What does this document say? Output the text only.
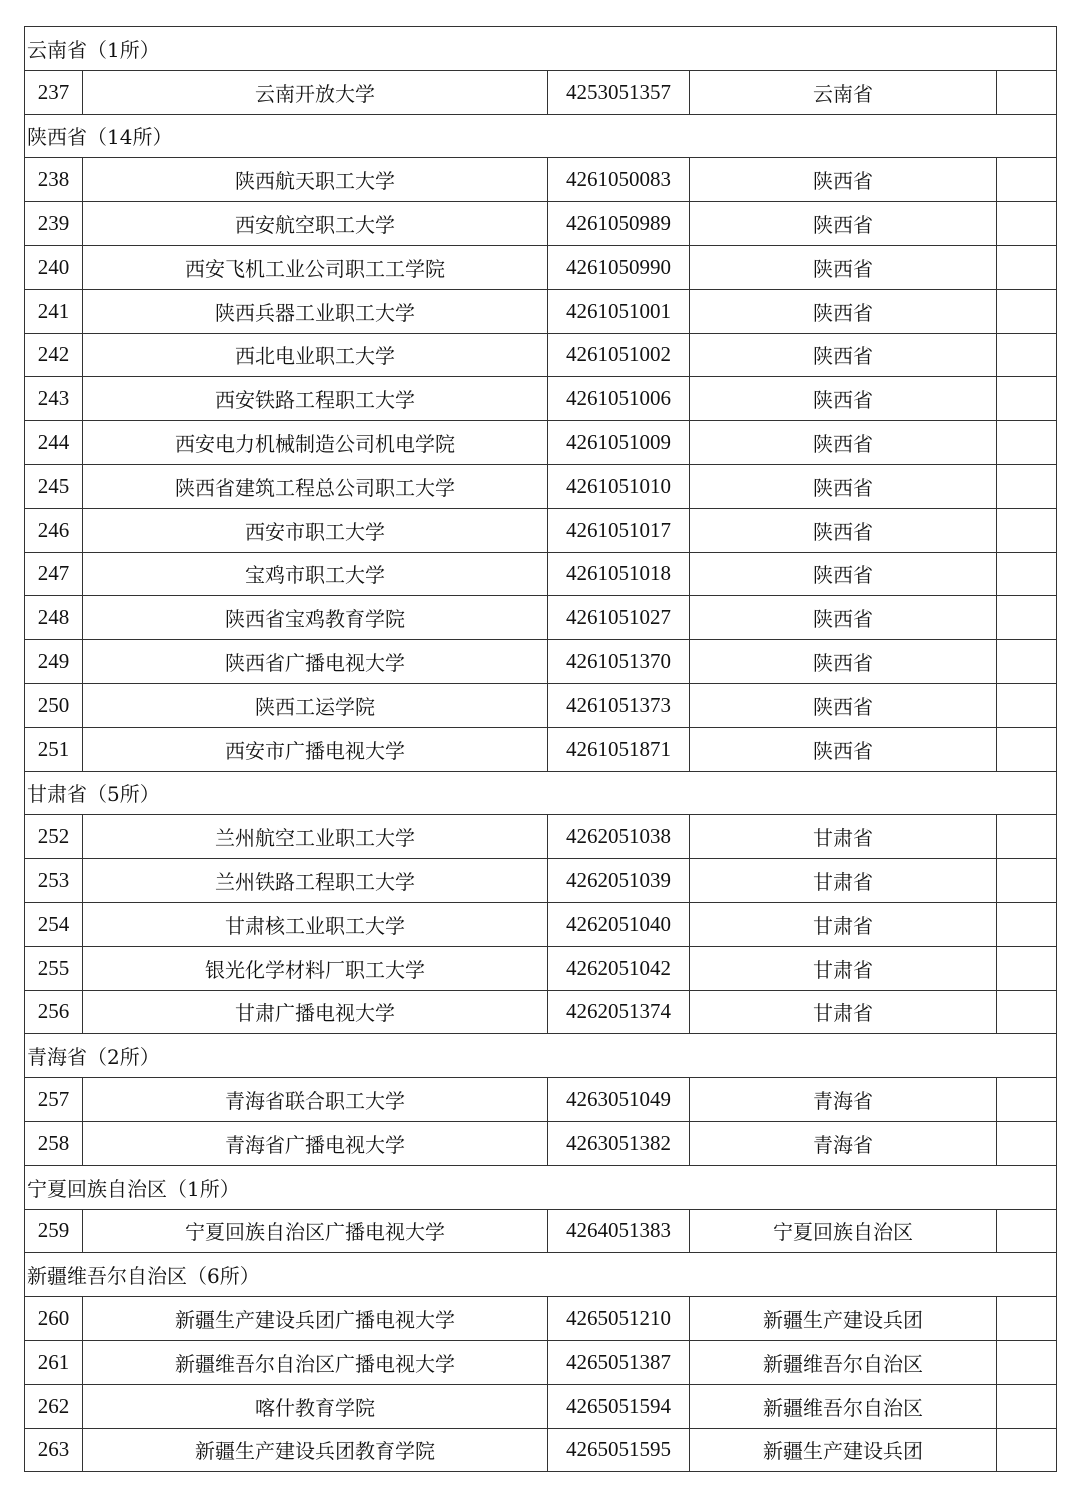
云南省（1所）				
237	云南开放大学	4253051357	云南省	
陕西省（14所）				
238	陕西航天职工大学	4261050083	陕西省	
239	西安航空职工大学	4261050989	陕西省	
240	西安飞机工业公司职工工学院	4261050990	陕西省	
241	陕西兵器工业职工大学	4261051001	陕西省	
242	西北电业职工大学	4261051002	陕西省	
243	西安铁路工程职工大学	4261051006	陕西省	
244	西安电力机械制造公司机电学院	4261051009	陕西省	
245	陕西省建筑工程总公司职工大学	4261051010	陕西省	
246	西安市职工大学	4261051017	陕西省	
247	宝鸡市职工大学	4261051018	陕西省	
248	陕西省宝鸡教育学院	4261051027	陕西省	
249	陕西省广播电视大学	4261051370	陕西省	
250	陕西工运学院	4261051373	陕西省	
251	西安市广播电视大学	4261051871	陕西省	
甘肃省（5所）				
252	兰州航空工业职工大学	4262051038	甘肃省	
253	兰州铁路工程职工大学	4262051039	甘肃省	
254	甘肃核工业职工大学	4262051040	甘肃省	
255	银光化学材料厂职工大学	4262051042	甘肃省	
256	甘肃广播电视大学	4262051374	甘肃省	
青海省（2所）				
257	青海省联合职工大学	4263051049	青海省	
258	青海省广播电视大学	4263051382	青海省	
宁夏回族自治区（1所）				
259	宁夏回族自治区广播电视大学	4264051383	宁夏回族自治区	
新疆维吾尔自治区（6所）				
260	新疆生产建设兵团广播电视大学	4265051210	新疆生产建设兵团	
261	新疆维吾尔自治区广播电视大学	4265051387	新疆维吾尔自治区	
262	喀什教育学院	4265051594	新疆维吾尔自治区	
263	新疆生产建设兵团教育学院	4265051595	新疆生产建设兵团	
